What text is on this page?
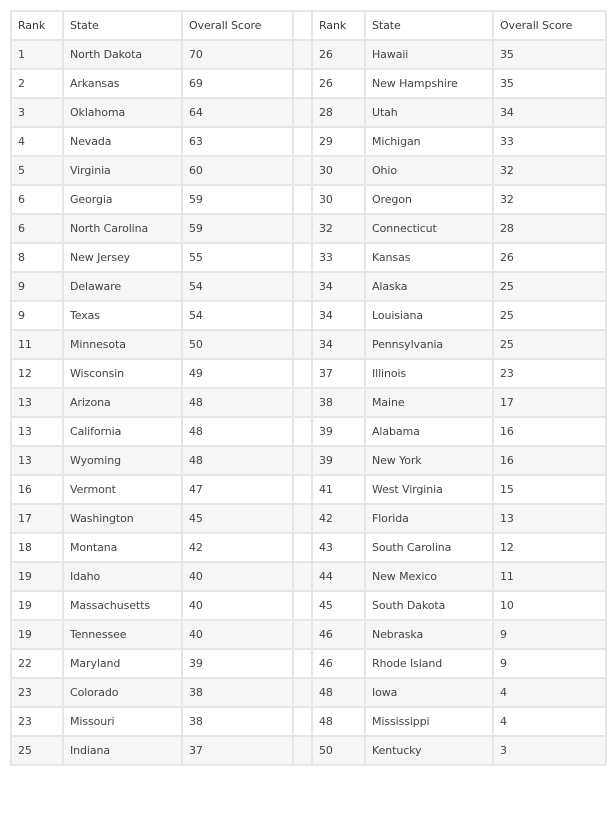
Rank	State	Overall Score		Rank	State	Overall Score
1	North Dakota	70		26	Hawaii	35
2	Arkansas	69		26	New Hampshire	35
3	Oklahoma	64		28	Utah	34
4	Nevada	63		29	Michigan	33
5	Virginia	60		30	Ohio	32
6	Georgia	59		30	Oregon	32
6	North Carolina	59		32	Connecticut	28
8	New Jersey	55		33	Kansas	26
9	Delaware	54		34	Alaska	25
9	Texas	54		34	Louisiana	25
11	Minnesota	50		34	Pennsylvania	25
12	Wisconsin	49		37	Illinois	23
13	Arizona	48		38	Maine	17
13	California	48		39	Alabama	16
13	Wyoming	48		39	New York	16
16	Vermont	47		41	West Virginia	15
17	Washington	45		42	Florida	13
18	Montana	42		43	South Carolina	12
19	Idaho	40		44	New Mexico	11
19	Massachusetts	40		45	South Dakota	10
19	Tennessee	40		46	Nebraska	9
22	Maryland	39		46	Rhode Island	9
23	Colorado	38		48	Iowa	4
23	Missouri	38		48	Mississippi	4
25	Indiana	37		50	Kentucky	3
